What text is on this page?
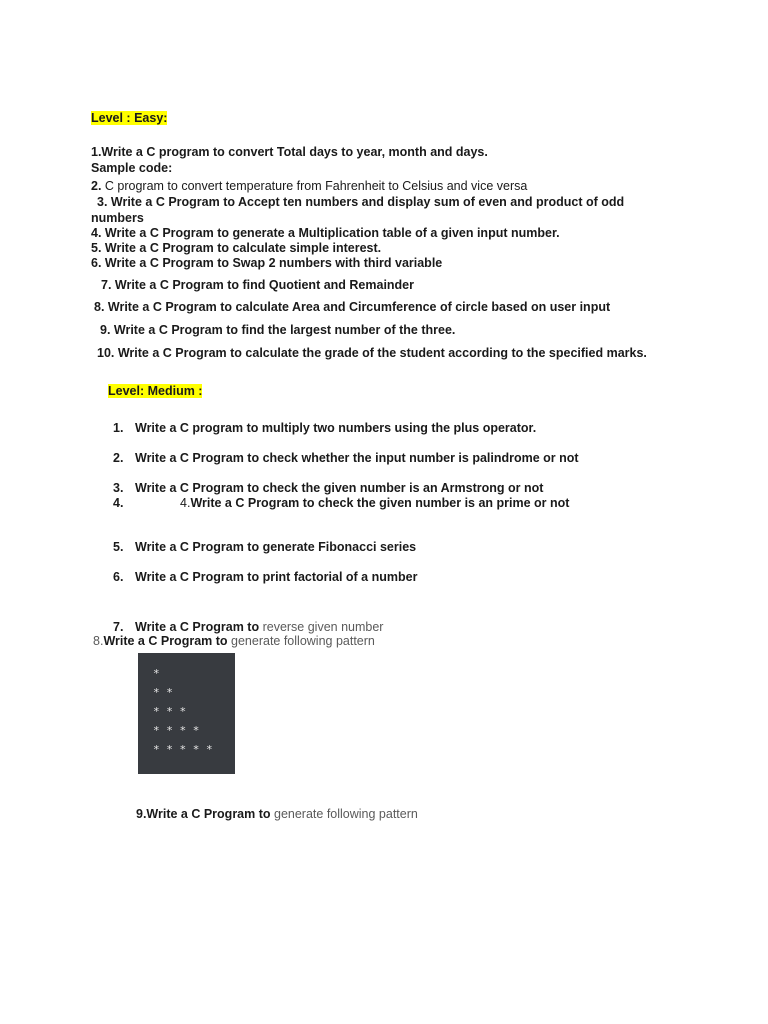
Level : Easy:
1.Write a C program to convert Total days to year, month and days.
Sample code:
2. C program to convert temperature from Fahrenheit to Celsius and vice versa
3. Write a C Program to Accept ten numbers and display sum of even and product of odd
numbers
4. Write a C Program to generate a Multiplication table of a given input number.
5. Write a C Program to calculate simple interest.
6. Write a C Program to Swap 2 numbers with third variable
7. Write a C Program to find Quotient and Remainder
8. Write a C Program to calculate Area and Circumference of circle based on user input
9. Write a C Program to find the largest number of the three.
10. Write a C Program to calculate the grade of the student according to the specified marks.
Level: Medium :
1. Write a C program to multiply two numbers using the plus operator.
2. Write a C Program to check whether the input number is palindrome or not
3. Write a C Program to check the given number is an Armstrong or not
4.	4.Write a C Program to check the given number is an prime or not
5. Write a C Program to generate Fibonacci series
6. Write a C Program to print factorial of a number
7. Write a C Program to reverse given number
8.Write a C Program to generate following pattern
*
* *
* * *
* * * *
* * * * *
9.Write a C Program to generate following pattern
